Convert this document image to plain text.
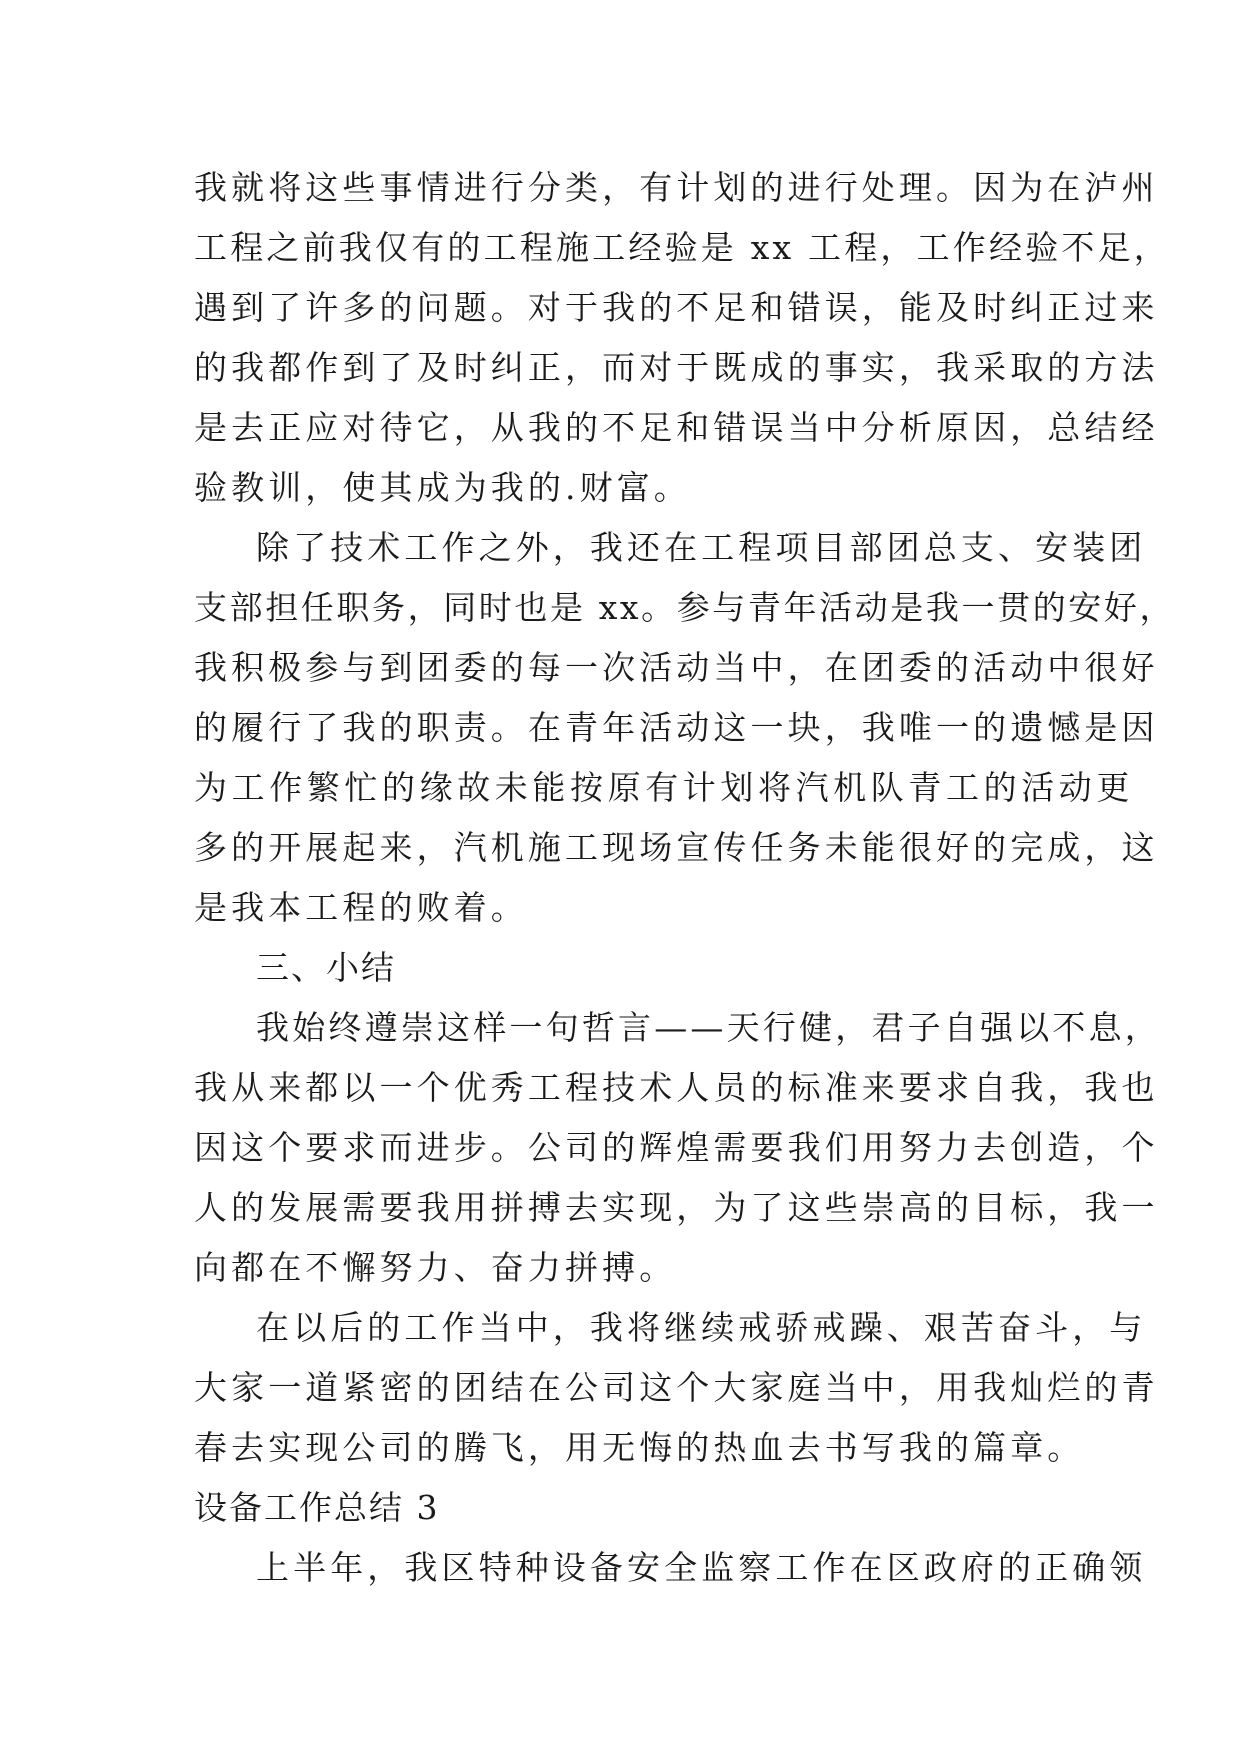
我就将这些事情进行分类，有计划的进行处理。因为在泸州
工程之前我仅有的工程施工经验是 xx 工程，工作经验不足，
遇到了许多的问题。对于我的不足和错误，能及时纠正过来
的我都作到了及时纠正，而对于既成的事实，我采取的方法
是去正应对待它，从我的不足和错误当中分析原因，总结经
验教训，使其成为我的.财富。
除了技术工作之外，我还在工程项目部团总支、安装团
支部担任职务，同时也是 xx。参与青年活动是我一贯的安好，
我积极参与到团委的每一次活动当中，在团委的活动中很好
的履行了我的职责。在青年活动这一块，我唯一的遗憾是因
为工作繁忙的缘故未能按原有计划将汽机队青工的活动更
多的开展起来，汽机施工现场宣传任务未能很好的完成，这
是我本工程的败着。
三、小结
我始终遵崇这样一句哲言——天行健，君子自强以不息，
我从来都以一个优秀工程技术人员的标准来要求自我，我也
因这个要求而进步。公司的辉煌需要我们用努力去创造，个
人的发展需要我用拼搏去实现，为了这些崇高的目标，我一
向都在不懈努力、奋力拼搏。
在以后的工作当中，我将继续戒骄戒躁、艰苦奋斗，与
大家一道紧密的团结在公司这个大家庭当中，用我灿烂的青
春去实现公司的腾飞，用无悔的热血去书写我的篇章。
设备工作总结 3
上半年，我区特种设备安全监察工作在区政府的正确领
